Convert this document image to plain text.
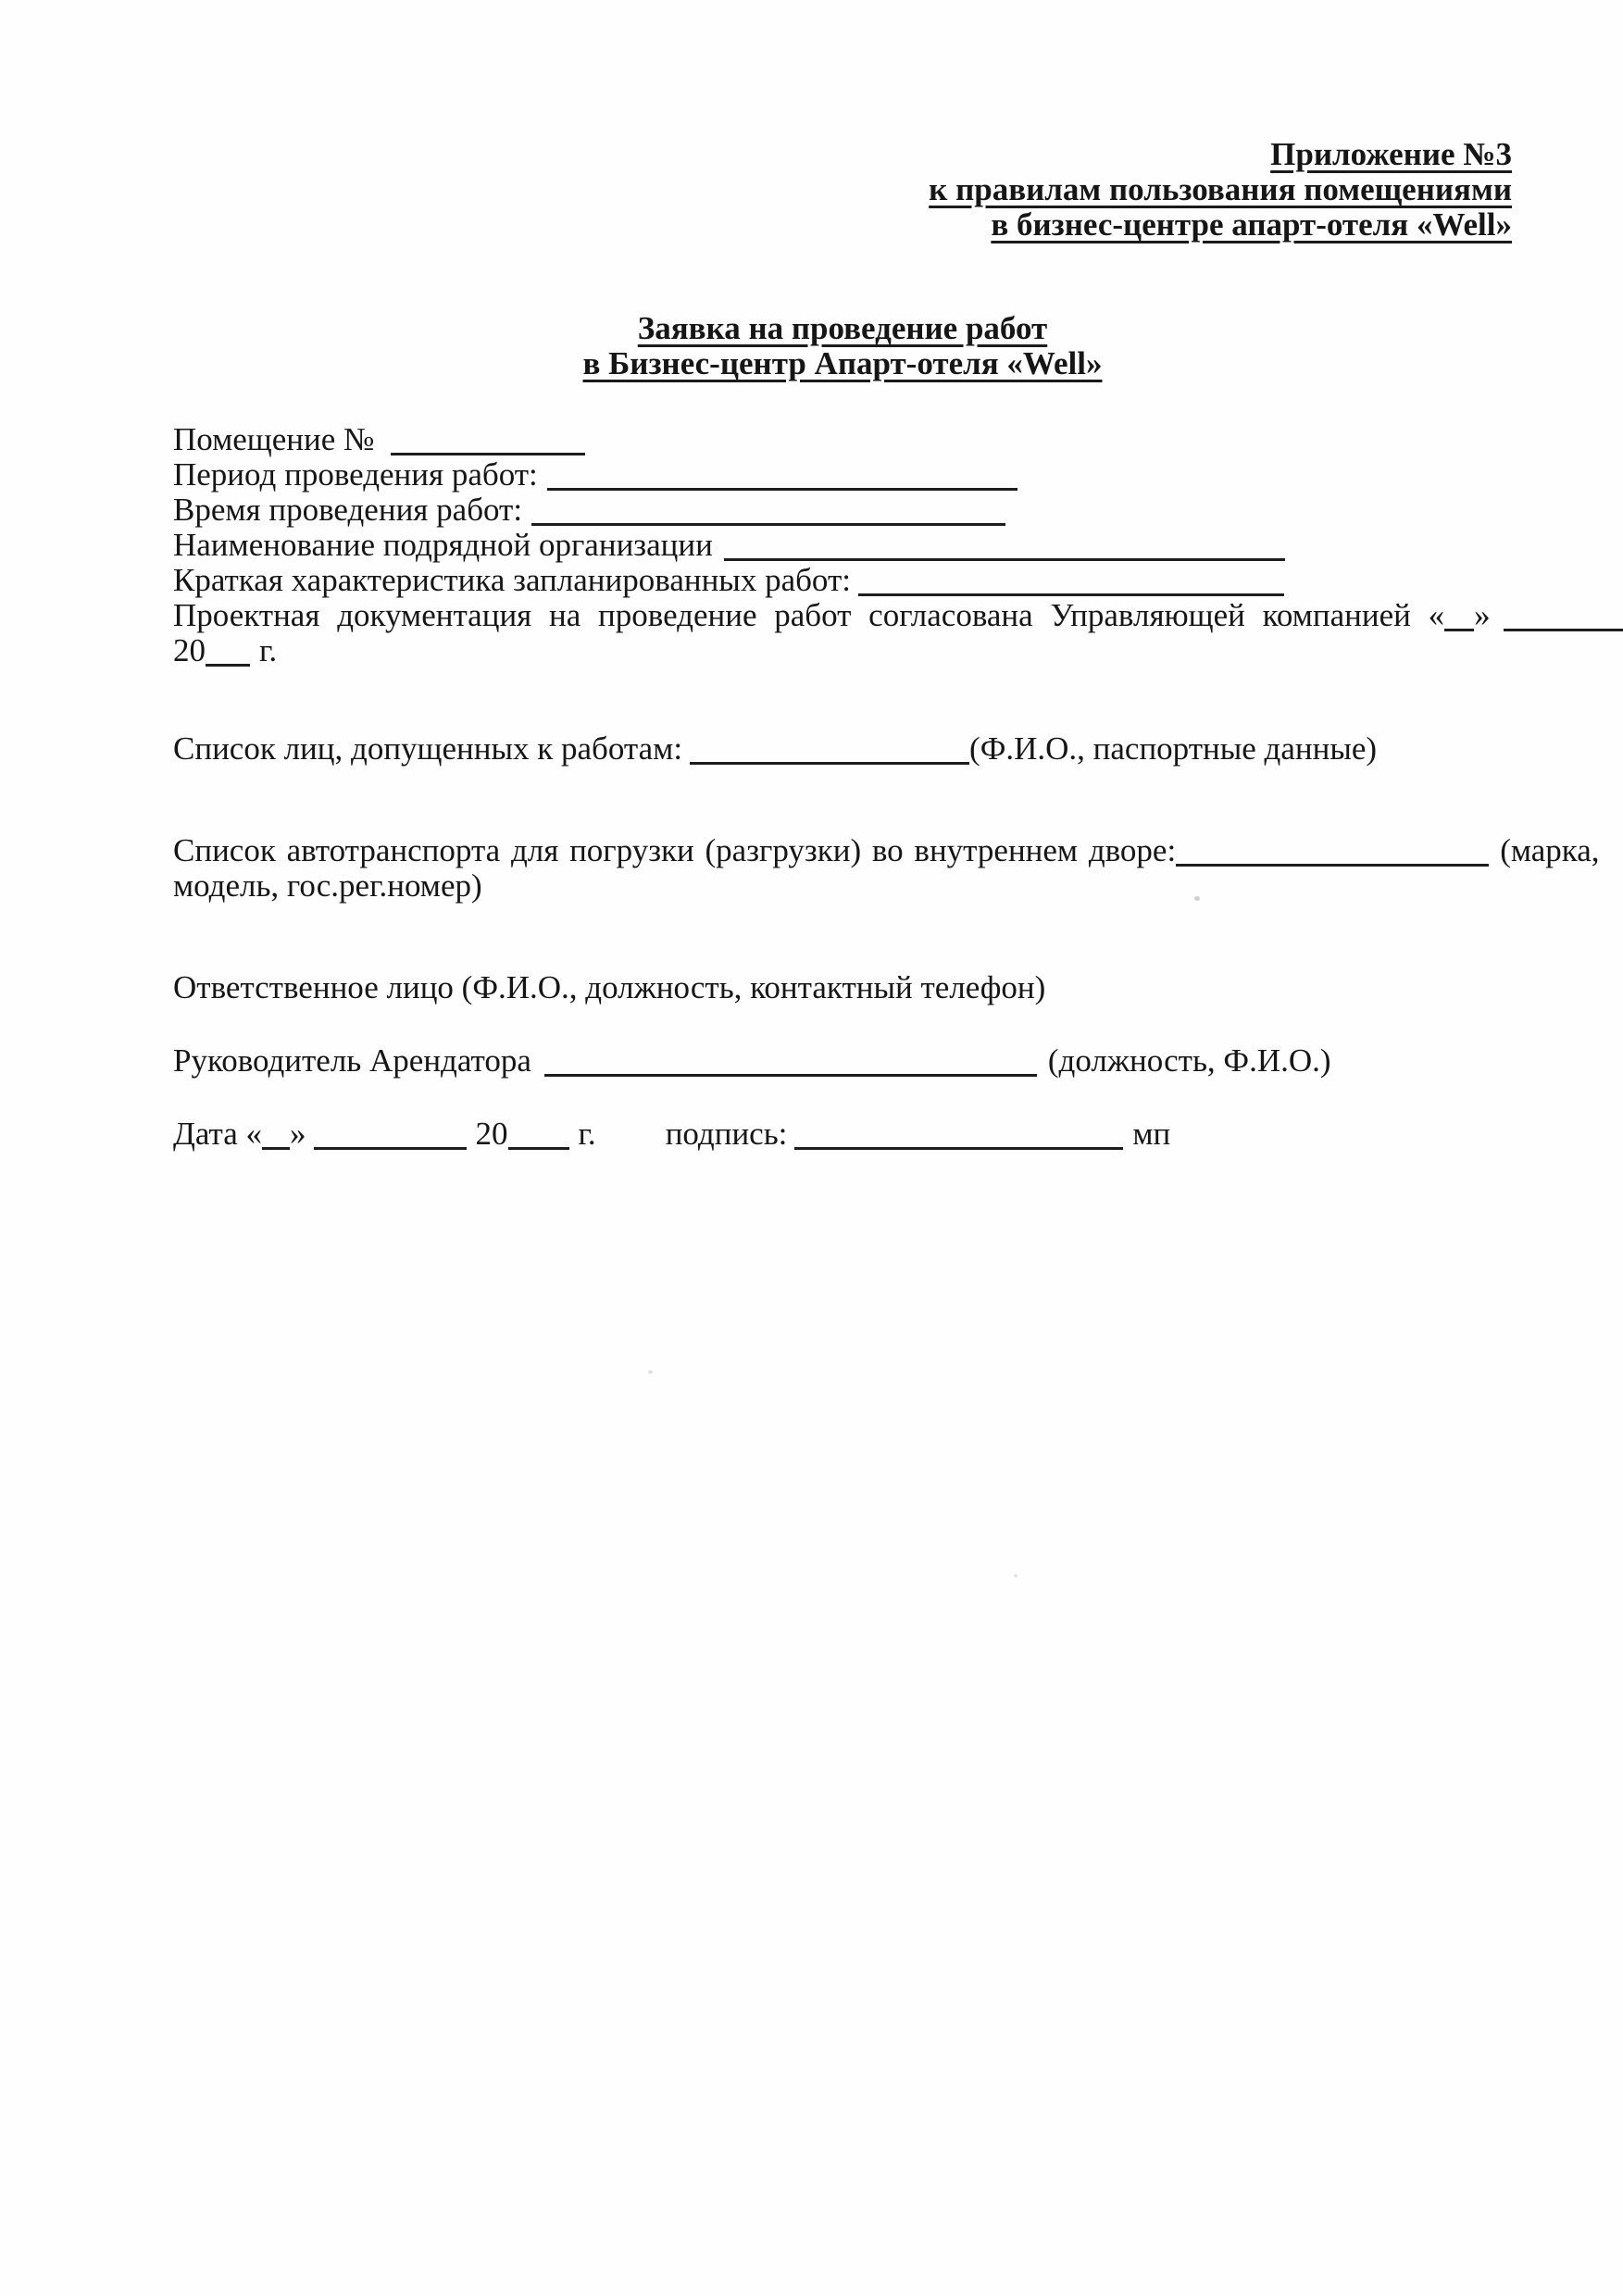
Приложение №3
к правилам пользования помещениями
в бизнес-центре апарт-отеля «Well»
Заявка на проведение работ
в Бизнес-центр Апарт-отеля «Well»
Помещение №
Период проведения работ:
Время проведения работ:
Наименование подрядной организации
Краткая характеристика запланированных работ:
Проектная документация на проведение работ согласована Управляющей компанией « »
20 г.
Список лиц, допущенных к работам:	(Ф.И.О., паспортные данные)
Список автотранспорта для погрузки (разгрузки) во внутреннем дворе:	(марка,
модель, гос.рег.номер)
Ответственное лицо (Ф.И.О., должность, контактный телефон)
Руководитель Арендатора	(должность, Ф.И.О.)
Дата « »	20 г. подпись:	мп
